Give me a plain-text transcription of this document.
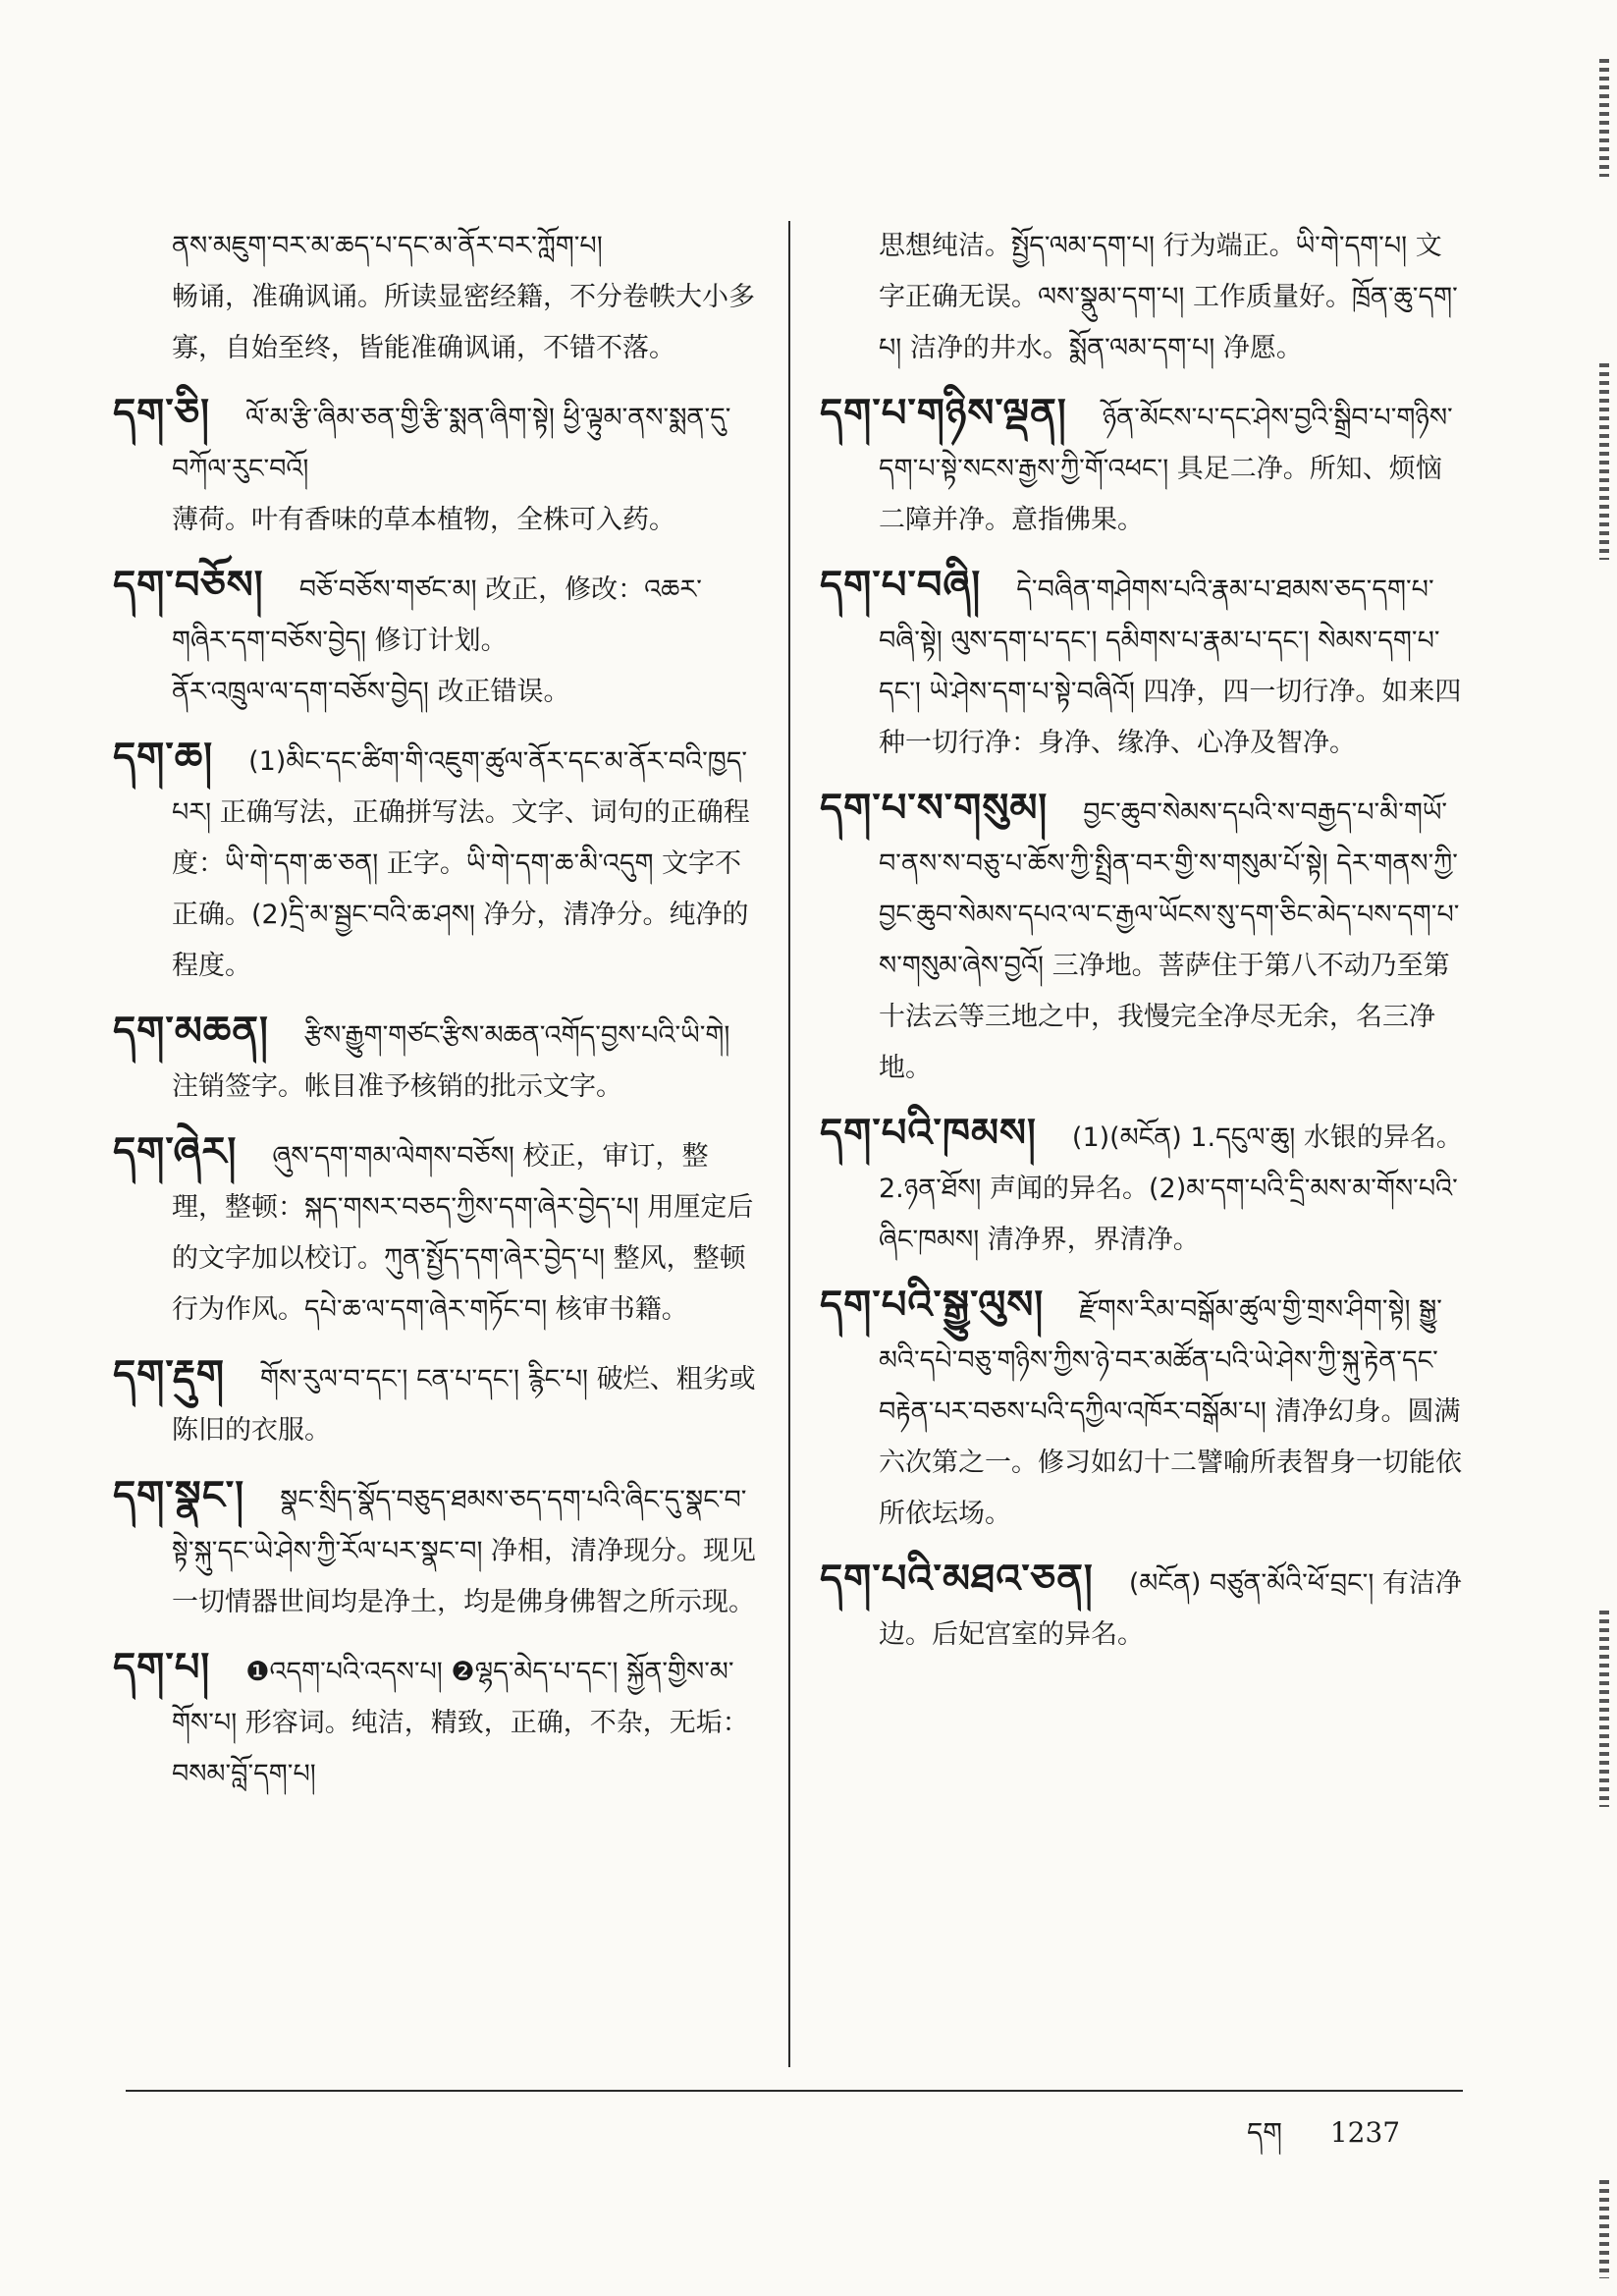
ནས་མཇུག་བར་མ་ཆད་པ་དང་མ་ནོར་བར་ཀློག་པ།

畅诵，准确讽诵。所读显密经籍，不分卷帙大小多寡，自始至终，皆能准确讽诵，不错不落。

དག་ཅི། ལོ་མ་རྩི་ཞིམ་ཅན་གྱི་རྩི་སྨན་ཞིག་སྟེ། ཕྱི་ལྟུམ་ནས་སྨན་དུ་བཀོལ་རུང་བའོ།

薄荷。叶有香味的草本植物，全株可入药。

དག་བཅོས། བཅོ་བཅོས་གཙང་མ། 改正，修改：འཆར་གཞིར་དག་བཅོས་བྱེད། 修订计划。

ནོར་འཁྲུལ་ལ་དག་བཅོས་བྱེད། 改正错误。

དག་ཆ། (1)མིང་དང་ཚིག་གི་འཇུག་ཚུལ་ནོར་དང་མ་ནོར་བའི་ཁྱད་པར། 正确写法，正确拼写法。文字、词句的正确程度：ཡི་གེ་དག་ཆ་ཅན། 正字。ཡི་གེ་དག་ཆ་མི་འདུག 文字不正确。(2)དྲི་མ་སྦྱང་བའི་ཆ་ཤས། 净分，清净分。纯净的程度。

དག་མཆན། རྩིས་རྒྱུག་གཙང་རྩིས་མཆན་འགོད་བྱས་པའི་ཡི་གེ། 注销签字。帐目准予核销的批示文字。

དག་ཞེར། ཞུས་དག་གམ་ལེགས་བཅོས། 校正，审订，整理，整顿：སྐད་གསར་བཅད་ཀྱིས་དག་ཞེར་བྱེད་པ། 用厘定后的文字加以校订。ཀུན་སྤྱོད་དག་ཞེར་བྱེད་པ། 整风，整顿行为作风。དཔེ་ཆ་ལ་དག་ཞེར་གཏོང་བ། 核审书籍。

དག་རྡུག གོས་རུལ་བ་དང་། ངན་པ་དང་། རྙིང་པ། 破烂、粗劣或陈旧的衣服。

དག་སྣང་། སྣང་སྲིད་སྣོད་བཅུད་ཐམས་ཅད་དག་པའི་ཞིང་དུ་སྣང་བ་སྟེ་སྐུ་དང་ཡེ་ཤེས་ཀྱི་རོལ་པར་སྣང་བ། 净相，清净现分。现见一切情器世间均是净土，均是佛身佛智之所示现。

དག་པ། ❶འདག་པའི་འདས་པ། ❷ལྷད་མེད་པ་དང་། སྐྱོན་གྱིས་མ་གོས་པ། 形容词。纯洁，精致，正确，不杂，无垢：བསམ་བློ་དག་པ།

思想纯洁。སྤྱོད་ལམ་དག་པ། 行为端正。ཡི་གེ་དག་པ། 文字正确无误。ལས་སྣུམ་དག་པ། 工作质量好。ཁྲོན་ཆུ་དག་པ། 洁净的井水。སྨོན་ལམ་དག་པ། 净愿。

དག་པ་གཉིས་ལྡན། ཉོན་མོངས་པ་དང་ཤེས་བྱའི་སྒྲིབ་པ་གཉིས་དག་པ་སྟེ་སངས་རྒྱས་ཀྱི་གོ་འཕང་། 具足二净。所知、烦恼二障并净。意指佛果。

དག་པ་བཞི། དེ་བཞིན་གཤེགས་པའི་རྣམ་པ་ཐམས་ཅད་དག་པ་བཞི་སྟེ། ལུས་དག་པ་དང་། དམིགས་པ་རྣམ་པ་དང་། སེམས་དག་པ་དང་། ཡེ་ཤེས་དག་པ་སྟེ་བཞིའོ། 四净，四一切行净。如来四种一切行净：身净、缘净、心净及智净。

དག་པ་ས་གསུམ། བྱང་ཆུབ་སེམས་དཔའི་ས་བརྒྱད་པ་མི་གཡོ་བ་ནས་ས་བཅུ་པ་ཆོས་ཀྱི་སྤྲིན་བར་གྱི་ས་གསུམ་པོ་སྟེ། དེར་གནས་ཀྱི་བྱང་ཆུབ་སེམས་དཔའ་ལ་ང་རྒྱལ་ཡོངས་སུ་དག་ཅིང་མེད་པས་དག་པ་ས་གསུམ་ཞེས་བྱའོ། 三净地。菩萨住于第八不动乃至第十法云等三地之中，我慢完全净尽无余，名三净地。

དག་པའི་ཁམས། (1)(མངོན) 1.དངུལ་ཆུ། 水银的异名。2.ཉན་ཐོས། 声闻的异名。(2)མ་དག་པའི་དྲི་མས་མ་གོས་པའི་ཞིང་ཁམས། 清净界，界清净。

དག་པའི་སྒྱུ་ལུས། རྫོགས་རིམ་བསྒོམ་ཚུལ་གྱི་གྲས་ཤིག་སྟེ། སྒྱུ་མའི་དཔེ་བཅུ་གཉིས་ཀྱིས་ཉེ་བར་མཚོན་པའི་ཡེ་ཤེས་ཀྱི་སྐུ་རྟེན་དང་བརྟེན་པར་བཅས་པའི་དཀྱིལ་འཁོར་བསྒོམ་པ། 清净幻身。圆满六次第之一。修习如幻十二譬喻所表智身一切能依所依坛场。

དག་པའི་མཐའ་ཅན། (མངོན) བཙུན་མོའི་ཕོ་བྲང་། 有洁净边。后妃宫室的异名。

དག 1237
